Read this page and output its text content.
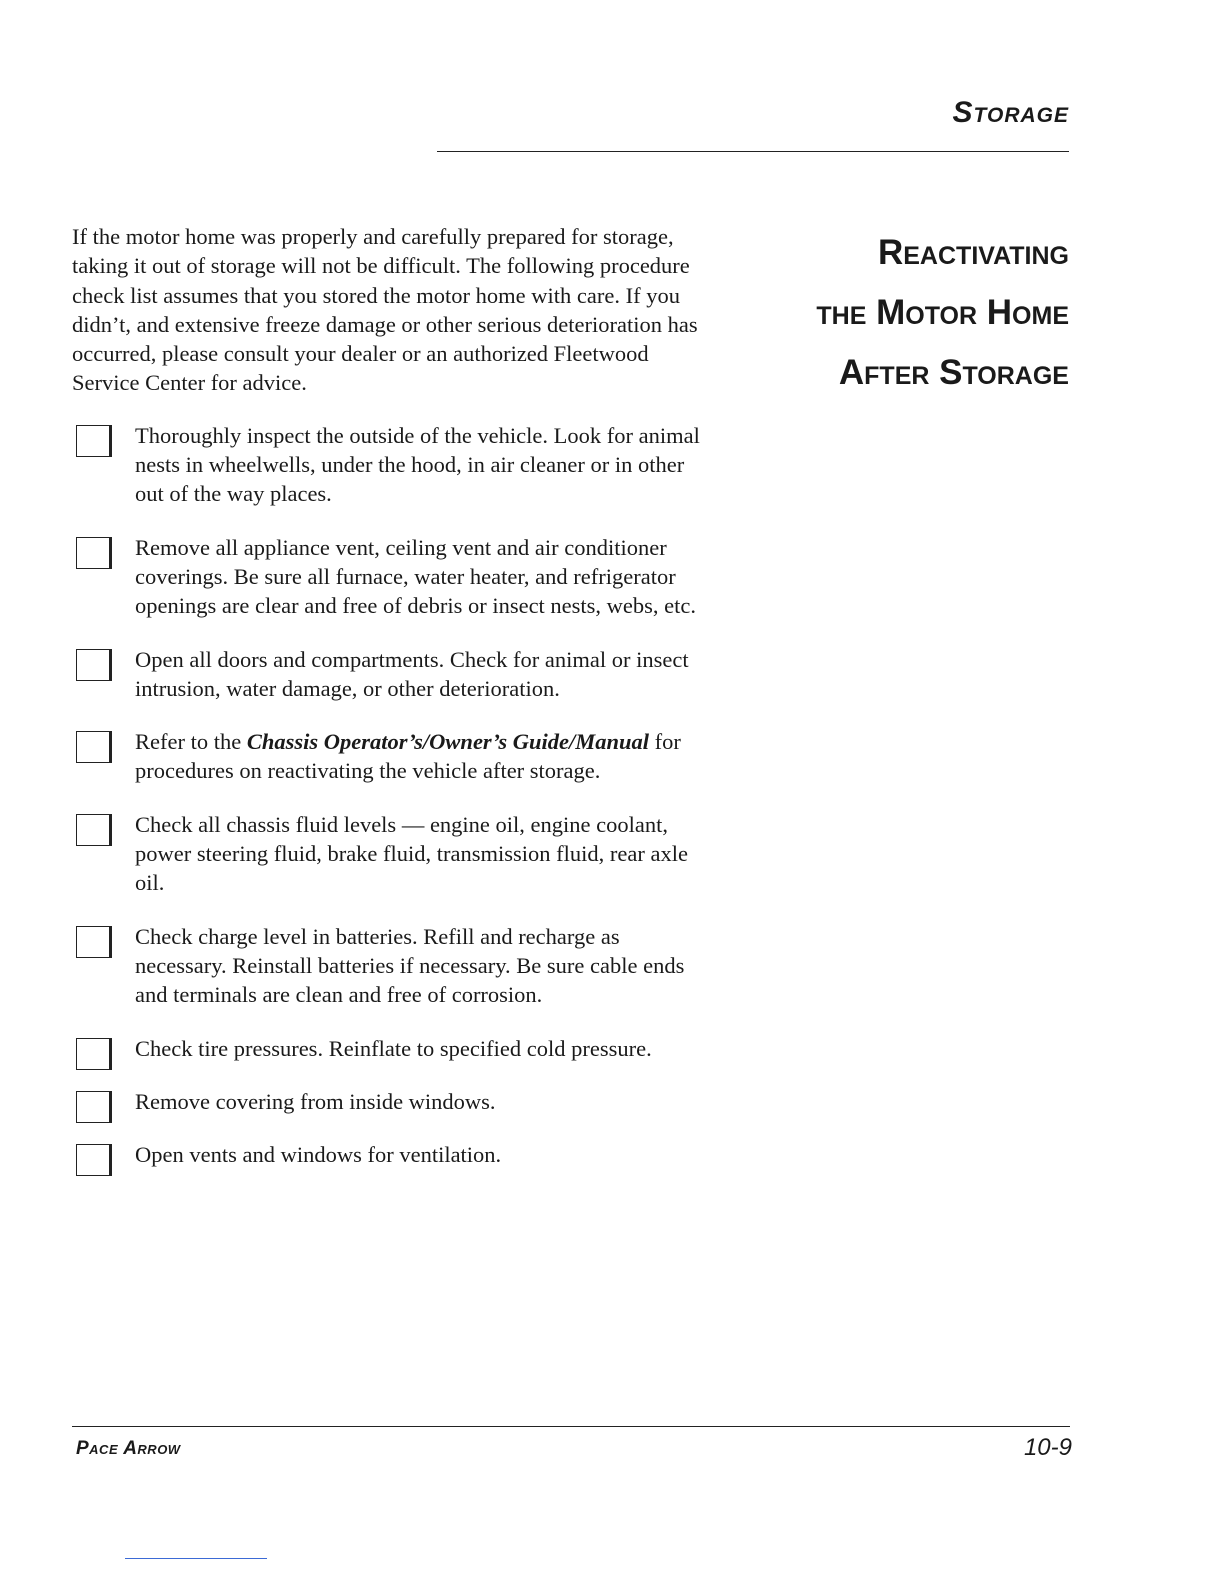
Storage
Reactivating
the Motor Home
After Storage

If the motor home was properly and carefully prepared for storage, taking it out of storage will not be difficult. The following procedure check list assumes that you stored the motor home with care. If you didn’t, and extensive freeze damage or other serious deterioration has occurred, please consult your dealer or an authorized Fleetwood Service Center for advice.

Thoroughly inspect the outside of the vehicle. Look for animal nests in wheelwells, under the hood, in air cleaner or in other out of the way places.
Remove all appliance vent, ceiling vent and air conditioner coverings. Be sure all furnace, water heater, and refrigerator openings are clear and free of debris or insect nests, webs, etc.
Open all doors and compartments. Check for animal or insect intrusion, water damage, or other deterioration.
Refer to the Chassis Operator’s/Owner’s Guide/Manual for procedures on reactivating the vehicle after storage.
Check all chassis fluid levels — engine oil, engine coolant, power steering fluid, brake fluid, transmission fluid, rear axle oil.
Check charge level in batteries. Refill and recharge as necessary. Reinstall batteries if necessary. Be sure cable ends and terminals are clean and free of corrosion.
Check tire pressures. Reinflate to specified cold pressure.
Remove covering from inside windows.
Open vents and windows for ventilation.
Pace Arrow	10-9
